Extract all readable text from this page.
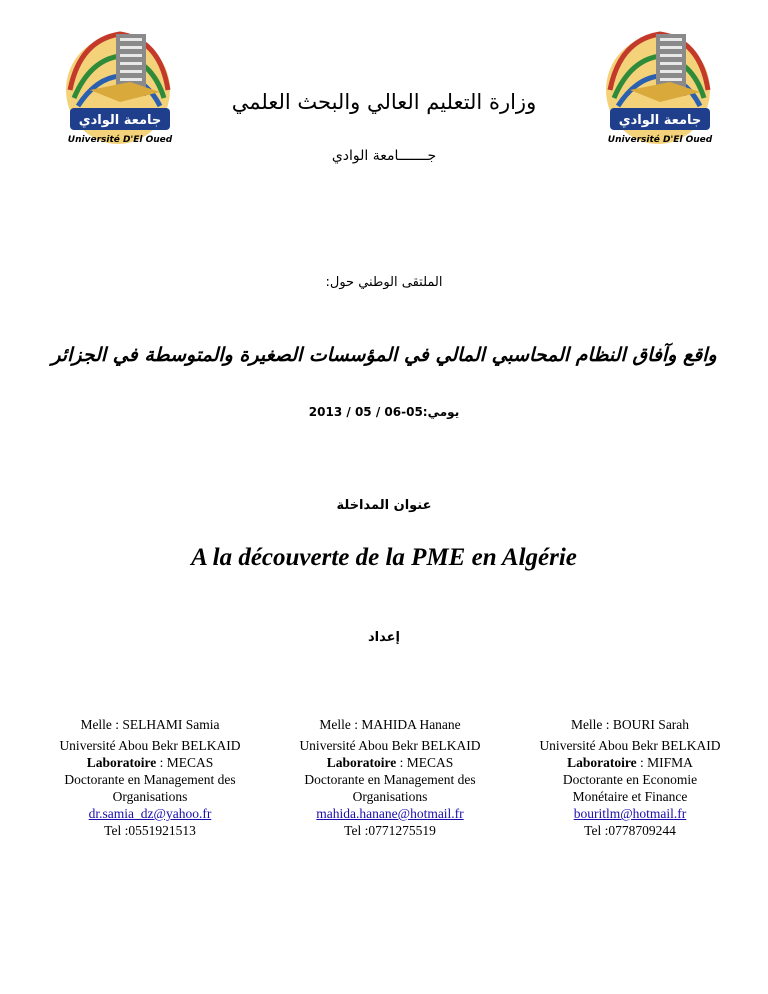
جامعة الوادي
Université D'El Oued
جامعة الوادي
Université D'El Oued
وزارة التعليم العالي والبحث العلمي
جـــــــامعة الوادي
الملتقى الوطني حول:
واقع وآفاق النظام المحاسبي المالي في المؤسسات الصغيرة والمتوسطة في الجزائر
يومي:05-06 / 05 / 2013
عنوان المداخلة
A la découverte de la PME en Algérie
إعداد
Melle : SELHAMI Samia
Université Abou Bekr BELKAID
Laboratoire : MECAS
Doctorante en Management des
Organisations
dr.samia_dz@yahoo.fr
Tel :0551921513
Melle : MAHIDA Hanane
Université Abou Bekr BELKAID
Laboratoire : MECAS
Doctorante en Management des
Organisations
mahida.hanane@hotmail.fr
Tel :0771275519
Melle : BOURI Sarah
Université Abou Bekr BELKAID
Laboratoire : MIFMA
Doctorante en Economie
Monétaire et Finance
bouritlm@hotmail.fr
Tel :0778709244
